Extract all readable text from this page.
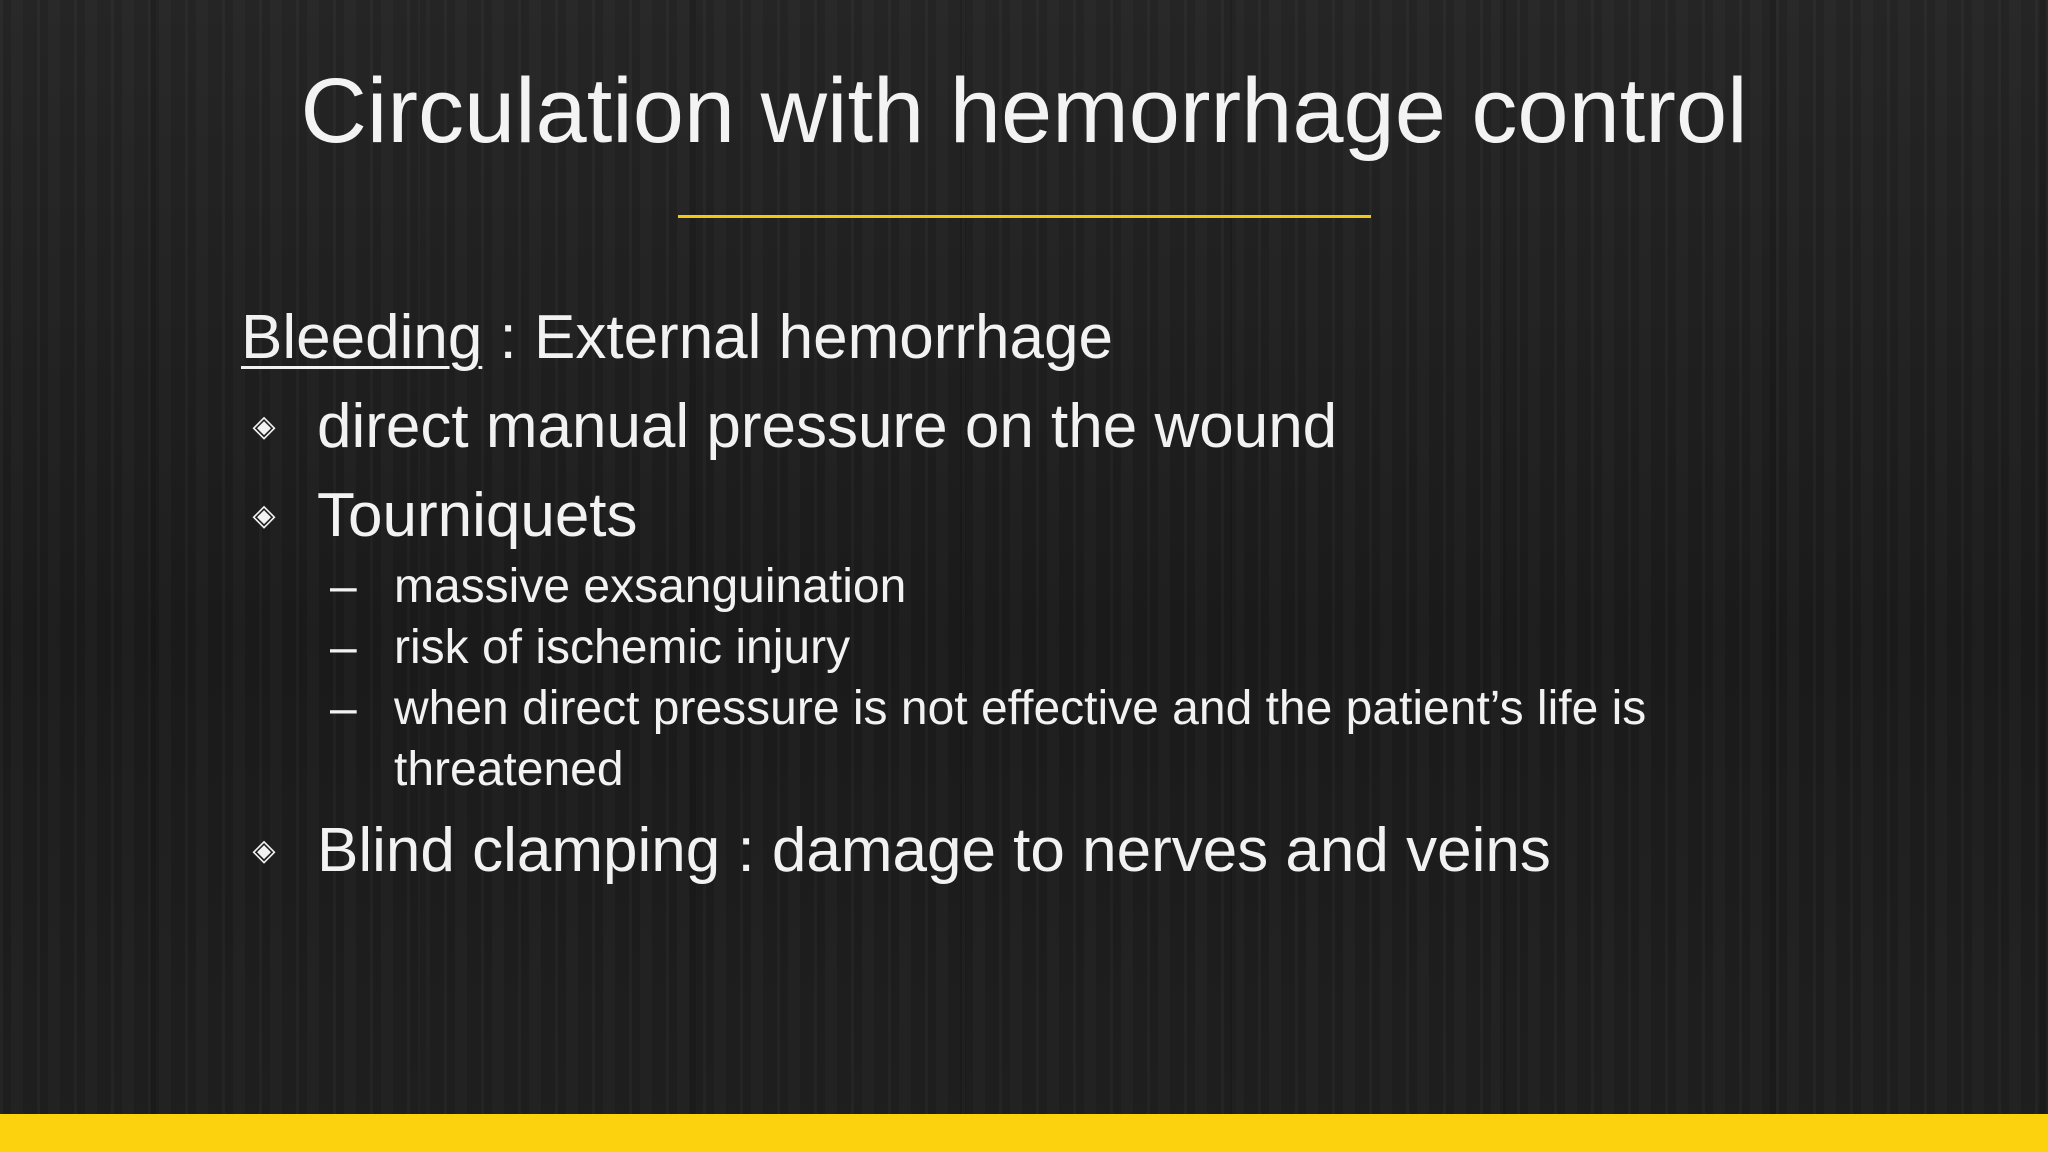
Circulation with hemorrhage control
Bleeding : External hemorrhage
◈ direct manual pressure on the wound
◈ Tourniquets
– massive exsanguination
– risk of ischemic injury
– when direct pressure is not effective and the patient’s life is threatened
◈ Blind clamping : damage to nerves and veins
